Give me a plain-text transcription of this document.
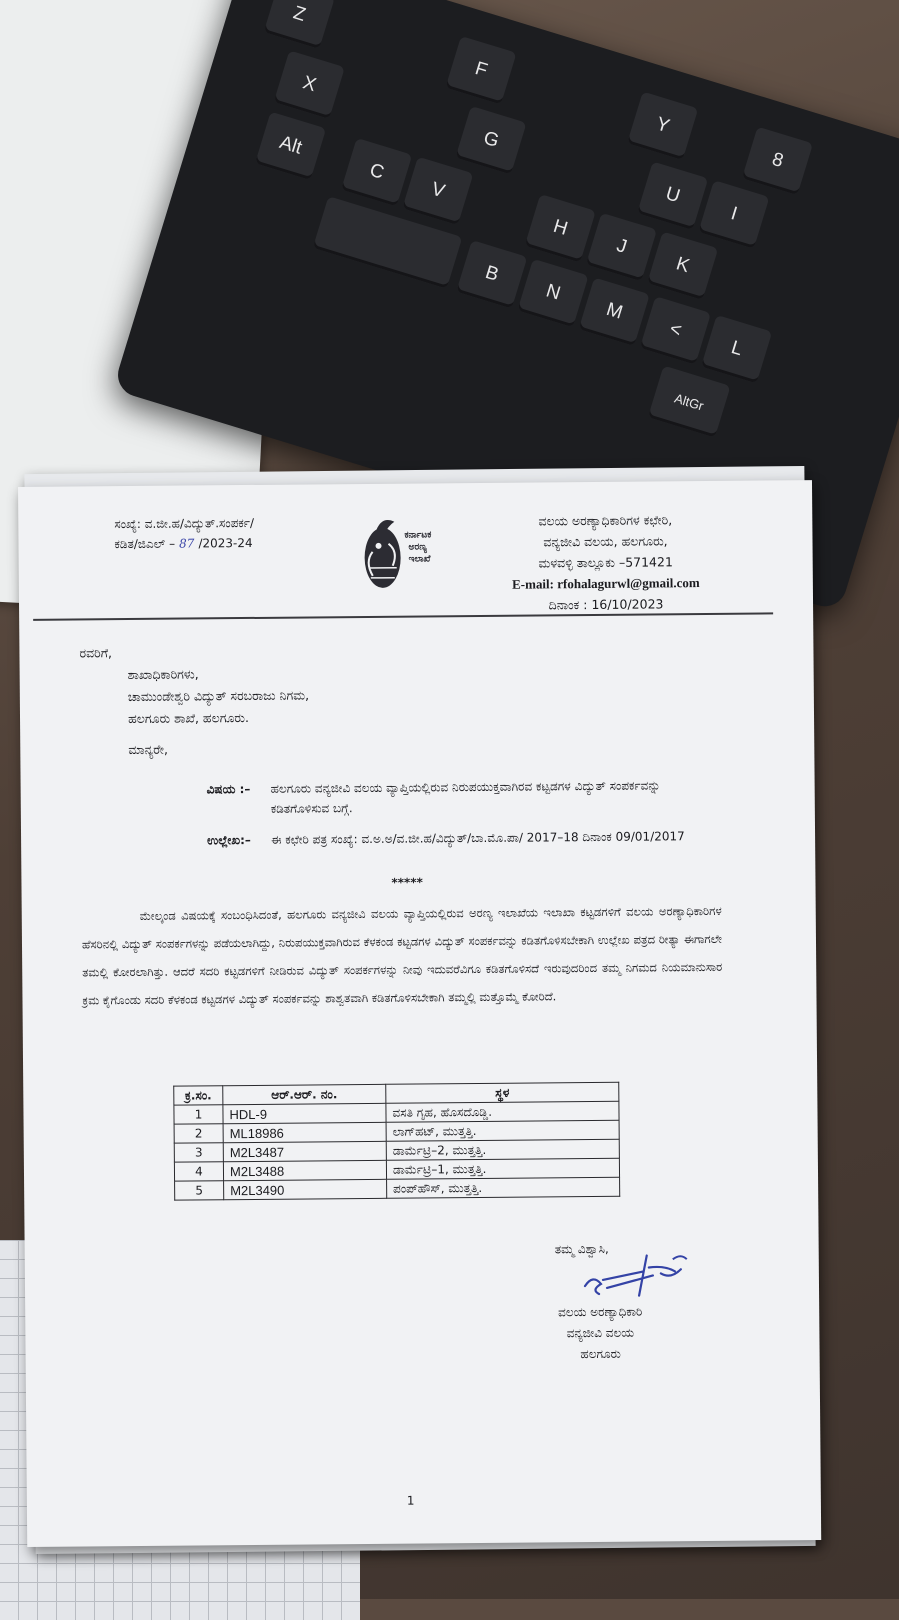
Z
F
Y
8
X
G
U
I
Alt
C
V
H
J
K
B
N
M
<
L
AltGr
ಸಂಖ್ಯೆ: ವ.ಜೀ.ಹ/ವಿದ್ಯುತ್.ಸಂಪರ್ಕ/
ಕಡಿತ/ಜಿಎಲ್ – 87 /2023-24
ಕರ್ನಾಟಕ
ಅರಣ್ಯ
ಇಲಾಖೆ
ವಲಯ ಅರಣ್ಯಾಧಿಕಾರಿಗಳ ಕಛೇರಿ,
ವನ್ಯಜೀವಿ ವಲಯ, ಹಲಗೂರು,
ಮಳವಳ್ಳಿ ತಾಲ್ಲೂಕು –571421
E-mail: rfohalagurwl@gmail.com
ದಿನಾಂಕ : 16/10/2023
ರವರಿಗೆ,
ಶಾಖಾಧಿಕಾರಿಗಳು,
ಚಾಮುಂಡೇಶ್ವರಿ ವಿದ್ಯುತ್ ಸರಬರಾಜು ನಿಗಮ,
ಹಲಗೂರು ಶಾಖೆ, ಹಲಗೂರು.
ಮಾನ್ಯರೇ,
ವಿಷಯ :– ಹಲಗೂರು ವನ್ಯಜೀವಿ ವಲಯ ವ್ಯಾಪ್ತಿಯಲ್ಲಿರುವ ನಿರುಪಯುಕ್ತವಾಗಿರವ ಕಟ್ಟಡಗಳ ವಿದ್ಯುತ್ ಸಂಪರ್ಕವನ್ನು ಕಡಿತಗೊಳಿಸುವ ಬಗ್ಗೆ.
ಉಲ್ಲೇಖ:– ಈ ಕಛೇರಿ ಪತ್ರ ಸಂಖ್ಯೆ: ವ.ಅ.ಅ/ವ.ಜೀ.ಹ/ವಿದ್ಯುತ್/ಬಾ.ಮೊ.ಪಾ/ 2017–18 ದಿನಾಂಕ 09/01/2017
*****
ಮೇಲ್ಕಂಡ ವಿಷಯಕ್ಕೆ ಸಂಬಂಧಿಸಿದಂತೆ, ಹಲಗೂರು ವನ್ಯಜೀವಿ ವಲಯ ವ್ಯಾಪ್ತಿಯಲ್ಲಿರುವ ಅರಣ್ಯ ಇಲಾಖೆಯ ಇಲಾಖಾ ಕಟ್ಟಡಗಳಿಗೆ ವಲಯ ಅರಣ್ಯಾಧಿಕಾರಿಗಳ ಹೆಸರಿನಲ್ಲಿ ವಿದ್ಯುತ್ ಸಂಪರ್ಕಗಳನ್ನು ಪಡೆಯಲಾಗಿದ್ದು, ನಿರುಪಯುಕ್ತವಾಗಿರುವ ಕೆಳಕಂಡ ಕಟ್ಟಡಗಳ ವಿದ್ಯುತ್ ಸಂಪರ್ಕವನ್ನು ಕಡಿತಗೊಳಿಸಬೇಕಾಗಿ ಉಲ್ಲೇಖ ಪತ್ರದ ರೀತ್ಯಾ ಈಗಾಗಲೇ ತಮಲ್ಲಿ ಕೋರಲಾಗಿತ್ತು. ಆದರೆ ಸದರಿ ಕಟ್ಟಡಗಳಿಗೆ ನೀಡಿರುವ ವಿದ್ಯುತ್ ಸಂಪರ್ಕಗಳನ್ನು ನೀವು ಇದುವರೆವಿಗೂ ಕಡಿತಗೊಳಿಸದೆ ಇರುವುದರಿಂದ ತಮ್ಮ ನಿಗಮದ ನಿಯಮಾನುಸಾರ ಕ್ರಮ ಕೈಗೊಂಡು ಸದರಿ ಕೆಳಕಂಡ ಕಟ್ಟಡಗಳ ವಿದ್ಯುತ್ ಸಂಪರ್ಕವನ್ನು ಶಾಶ್ವತವಾಗಿ ಕಡಿತಗೊಳಿಸಬೇಕಾಗಿ ತಮ್ಮಲ್ಲಿ ಮತ್ತೊಮ್ಮೆ ಕೋರಿದೆ.
ಕ್ರ.ಸಂ.	ಆರ್.ಆರ್. ನಂ.	ಸ್ಥಳ
1	HDL-9	ವಸತಿ ಗೃಹ, ಹೊಸದೊಡ್ಡಿ.
2	ML18986	ಲಾಗ್‌ಹಟ್, ಮುತ್ತತ್ತಿ.
3	M2L3487	ಡಾರ್ಮೆಟ್ರಿ–2, ಮುತ್ತತ್ತಿ.
4	M2L3488	ಡಾರ್ಮೆಟ್ರಿ–1, ಮುತ್ತತ್ತಿ.
5	M2L3490	ಪಂಪ್‌ಹೌಸ್, ಮುತ್ತತ್ತಿ.
ತಮ್ಮ ವಿಶ್ವಾಸಿ,
ವಲಯ ಅರಣ್ಯಾಧಿಕಾರಿ
ವನ್ಯಜೀವಿ ವಲಯ
ಹಲಗೂರು
1
